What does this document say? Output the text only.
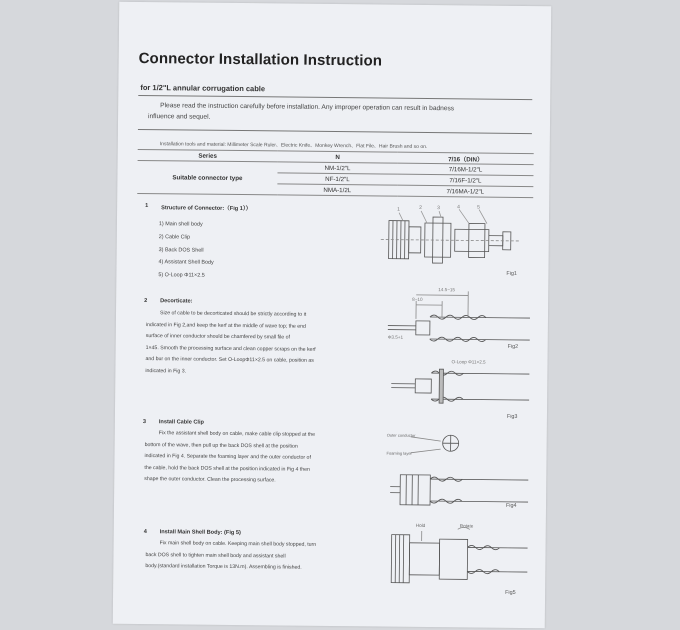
Connector Installation Instruction
for 1/2"L annular corrugation cable
Please read the instruction carefully before installation. Any improper operation can result in badness
influence and sequel.
Installation tools and material: Millimeter Scale Ruler、Electric Knife、Monkey Wrench、Flat File、Hair Brush and so on.
Series	N	7/16（DIN）
Suitable connector type	NM-1/2"L	7/16M-1/2"L
	NF-1/2"L	7/16F-1/2"L
	NMA-1/2L	7/16MA-1/2"L
1 Structure of Connector:（Fig 1））
1) Main shell body
2) Cable Clip
3) Back DOS Shell
4) Assistant Shell Body
5) O-Loop Φ11×2.5
1	2	3	4	5
Fig1
2 Decorticate:
Size of cable to be decorticated should be strictly according to it
indicated in Fig 2,and keep the kerf at the middle of wave top; the end
surface of inner conductor should be chamfered by small file of
1×45. Smooth the processing surface and clean copper scraps on the kerf
and bur on the inner conductor. Set O-LoopΦ11×2.5 on cable, position as
indicated in Fig 3.
14.5~15
8~10
Φ3.5+1
Fig2
O-Loop Φ11×2.5
Fig3
3 Install Cable Clip
Fix the assistant shell body on cable, make cable clip stopped at the
bottom of the wave, then pull up the back DOS shell at the position
indicated in Fig 4. Separate the foaming layer and the outer conductor of
the cable, hold the back DOS shell at the position indicated in Fig 4 then
shape the outer conductor. Clean the processing surface.
Outer conductor
Foaming layer
Fig4
4 Install Main Shell Body: (Fig 5)
Fix main shell body on cable. Keeping main shell body stopped, turn
back DOS shell to tighten main shell body and assistant shell
body.(standard installation Torque is 13N.m). Assembling is finished.
Hold	Rotate
Fig5
